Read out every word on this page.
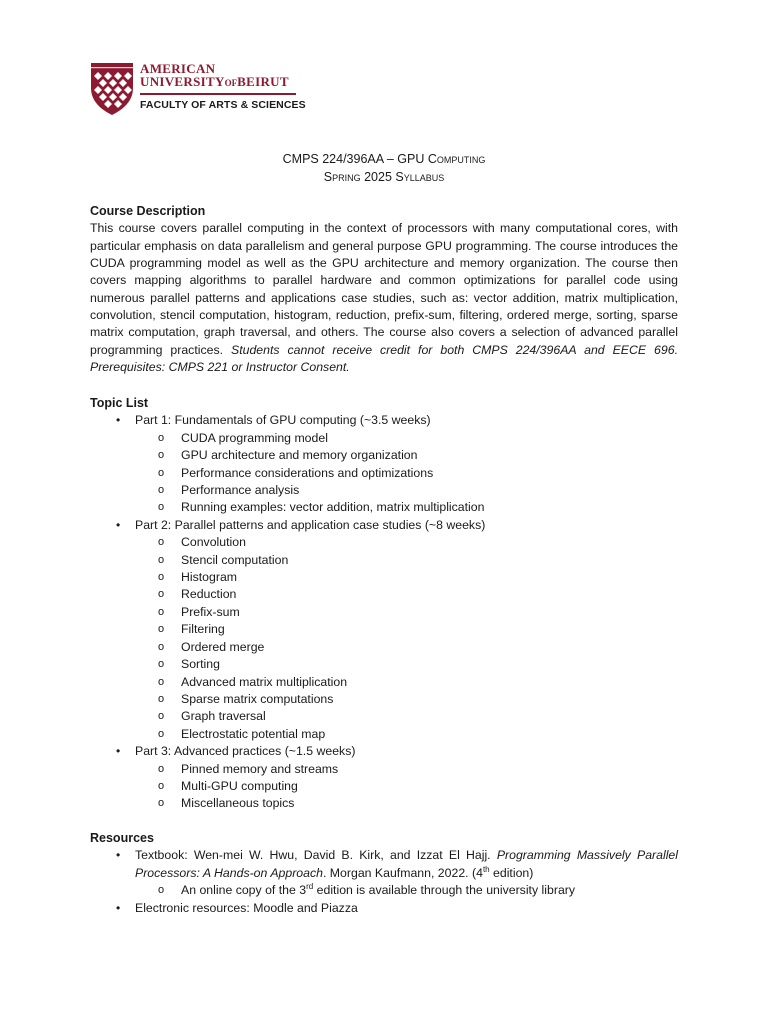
AMERICAN
UNIVERSITYOFBEIRUT
FACULTY OF ARTS & SCIENCES
CMPS 224/396AA – GPU Computing
Spring 2025 Syllabus
Course Description
This course covers parallel computing in the context of processors with many computational cores, with particular emphasis on data parallelism and general purpose GPU programming. The course introduces the CUDA programming model as well as the GPU architecture and memory organization. The course then covers mapping algorithms to parallel hardware and common optimizations for parallel code using numerous parallel patterns and applications case studies, such as: vector addition, matrix multiplication, convolution, stencil computation, histogram, reduction, prefix-sum, filtering, ordered merge, sorting, sparse matrix computation, graph traversal, and others. The course also covers a selection of advanced parallel programming practices. Students cannot receive credit for both CMPS 224/396AA and EECE 696. Prerequisites: CMPS 221 or Instructor Consent.
Topic List
• Part 1: Fundamentals of GPU computing (~3.5 weeks)
o CUDA programming model
o GPU architecture and memory organization
o Performance considerations and optimizations
o Performance analysis
o Running examples: vector addition, matrix multiplication
• Part 2: Parallel patterns and application case studies (~8 weeks)
o Convolution
o Stencil computation
o Histogram
o Reduction
o Prefix-sum
o Filtering
o Ordered merge
o Sorting
o Advanced matrix multiplication
o Sparse matrix computations
o Graph traversal
o Electrostatic potential map
• Part 3: Advanced practices (~1.5 weeks)
o Pinned memory and streams
o Multi-GPU computing
o Miscellaneous topics
Resources
• Textbook: Wen-mei W. Hwu, David B. Kirk, and Izzat El Hajj. Programming Massively Parallel Processors: A Hands-on Approach. Morgan Kaufmann, 2022. (4th edition)
o An online copy of the 3rd edition is available through the university library
• Electronic resources: Moodle and Piazza
